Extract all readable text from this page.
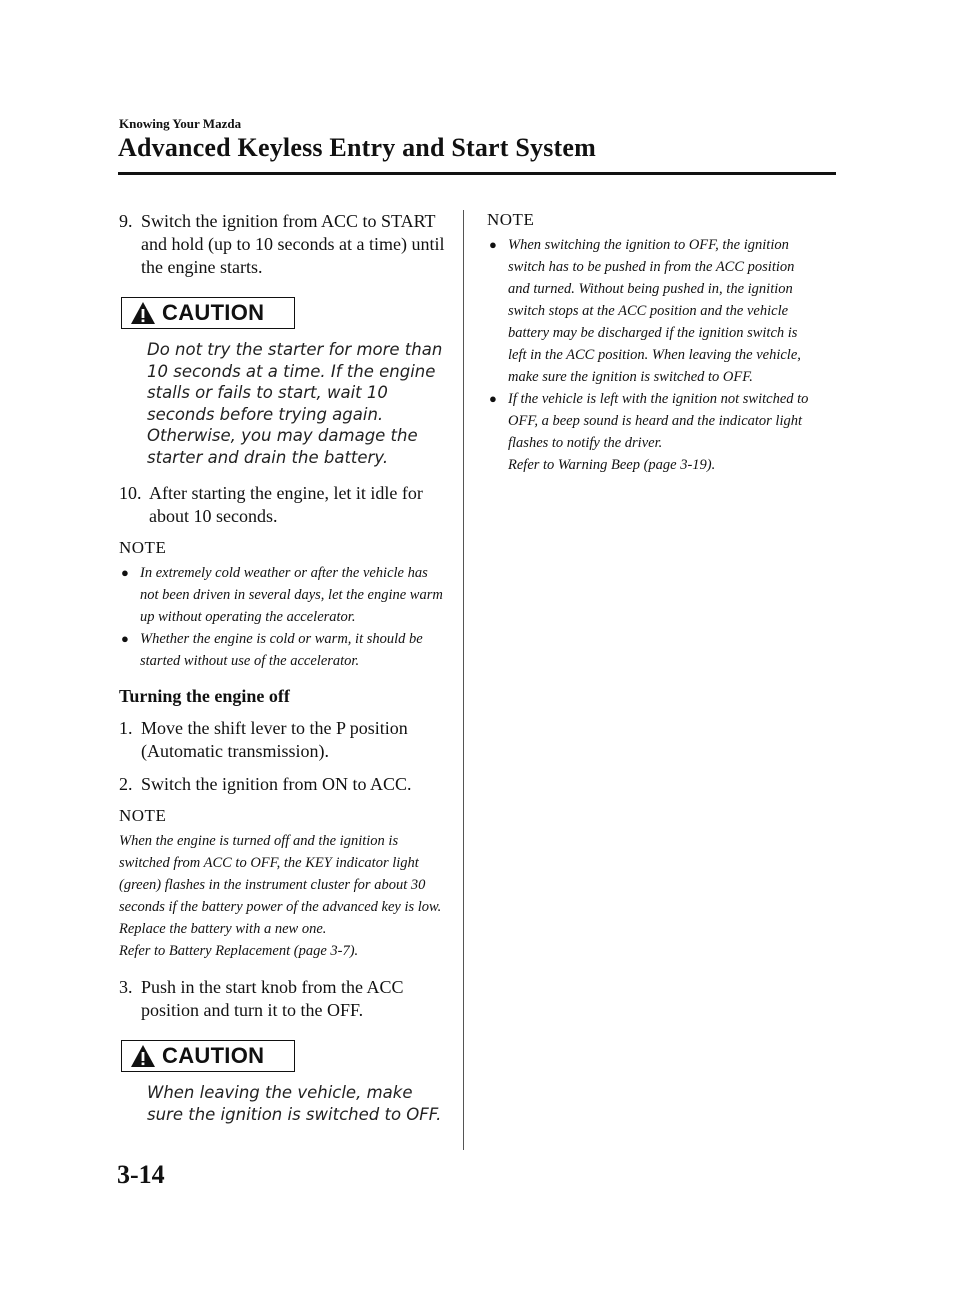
Knowing Your Mazda
Advanced Keyless Entry and Start System

9. Switch the ignition from ACC to START and hold (up to 10 seconds at a time) until the engine starts.

CAUTION

Do not try the starter for more than 10 seconds at a time. If the engine stalls or fails to start, wait 10 seconds before trying again. Otherwise, you may damage the starter and drain the battery.

10. After starting the engine, let it idle for about 10 seconds.

NOTE
● In extremely cold weather or after the vehicle has not been driven in several days, let the engine warm up without operating the accelerator.
● Whether the engine is cold or warm, it should be started without use of the accelerator.
Turning the engine off

1. Move the shift lever to the P position (Automatic transmission).

2. Switch the ignition from ON to ACC.

NOTE

When the engine is turned off and the ignition is switched from ACC to OFF, the KEY indicator light (green) flashes in the instrument cluster for about 30 seconds if the battery power of the advanced key is low. Replace the battery with a new one.
Refer to Battery Replacement (page 3-7).

3. Push in the start knob from the ACC position and turn it to the OFF.

CAUTION

When leaving the vehicle, make sure the ignition is switched to OFF.

NOTE
● When switching the ignition to OFF, the ignition switch has to be pushed in from the ACC position and turned. Without being pushed in, the ignition switch stops at the ACC position and the vehicle battery may be discharged if the ignition switch is left in the ACC position. When leaving the vehicle, make sure the ignition is switched to OFF.
● If the vehicle is left with the ignition not switched to OFF, a beep sound is heard and the indicator light flashes to notify the driver.
Refer to Warning Beep (page 3-19).
3-14
